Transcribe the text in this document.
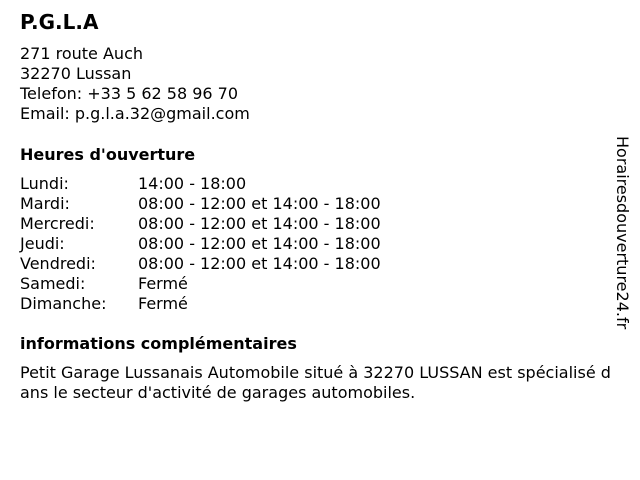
P.G.L.A
271 route Auch
32270 Lussan
Telefon: +33 5 62 58 96 70
Email: p.g.l.a.32@gmail.com
Heures d'ouverture
Lundi:	14:00 - 18:00
Mardi:	08:00 - 12:00 et 14:00 - 18:00
Mercredi:	08:00 - 12:00 et 14:00 - 18:00
Jeudi:	08:00 - 12:00 et 14:00 - 18:00
Vendredi:	08:00 - 12:00 et 14:00 - 18:00
Samedi:	Fermé
Dimanche:	Fermé
informations complémentaires
Petit Garage Lussanais Automobile situé à 32270 LUSSAN est spécialisé dans le secteur d'activité de garages automobiles.
Horairesdouverture24.fr
